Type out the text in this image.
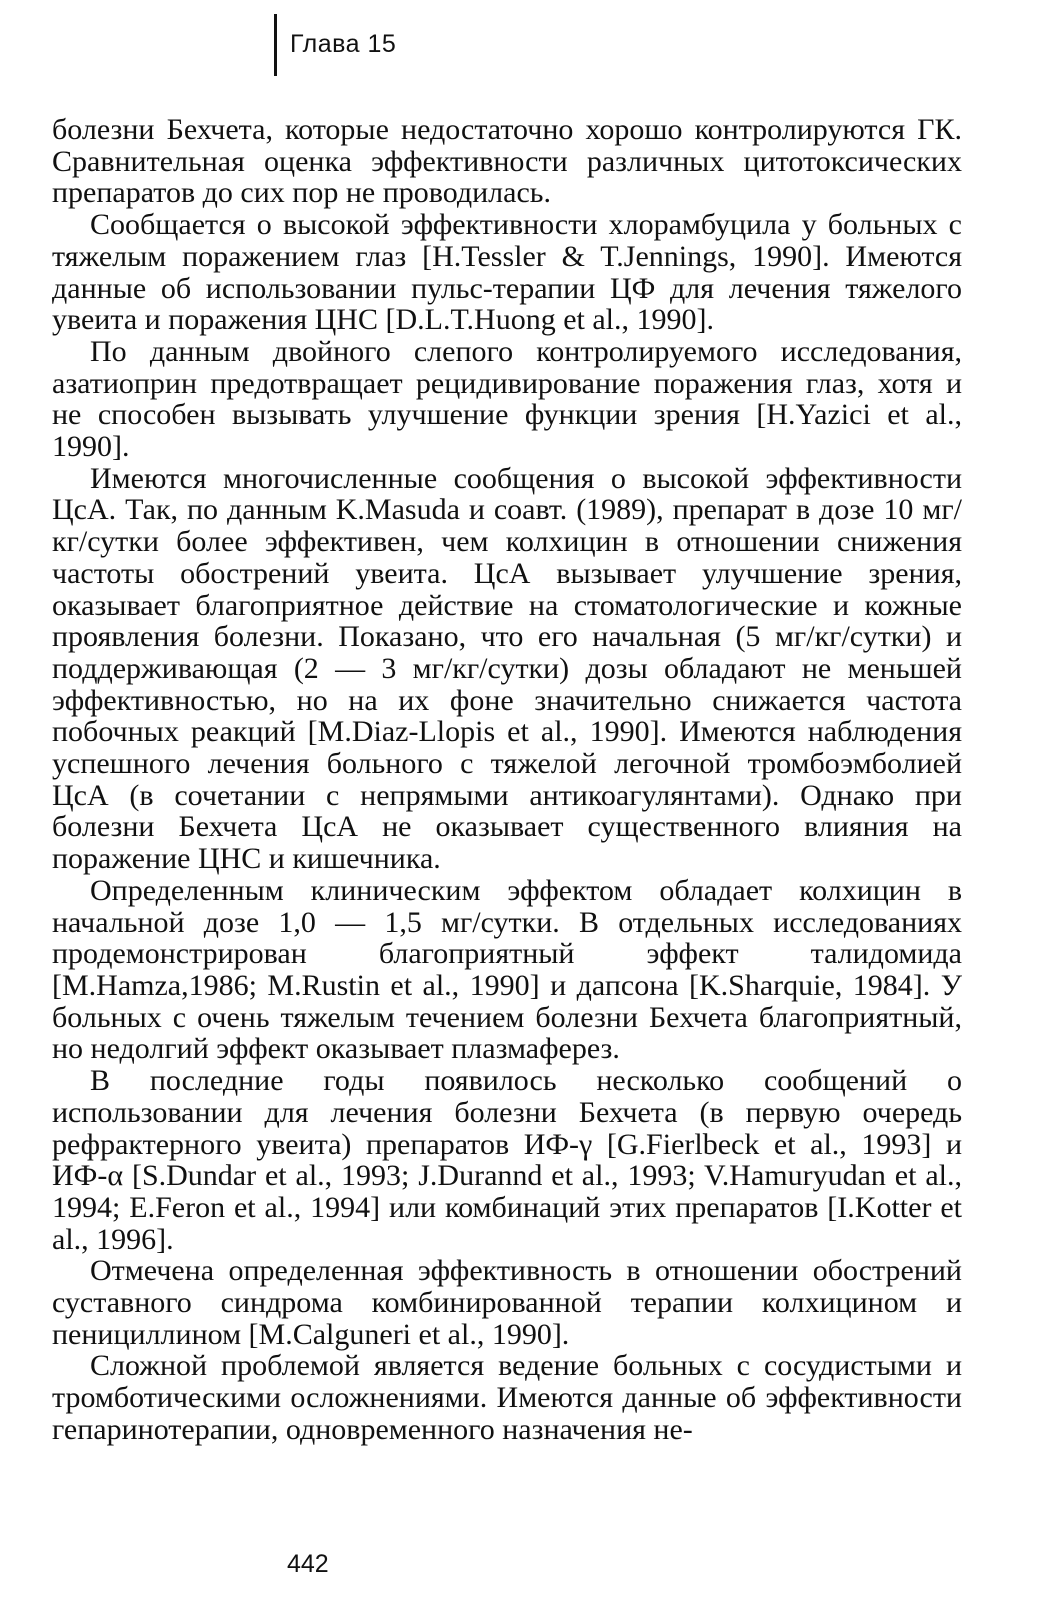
Глава 15

болезни Бехчета, которые недостаточно хорошо контролируются ГК. Сравнительная оценка эффективности различных цитотоксических препаратов до сих пор не проводилась.

Сообщается о высокой эффективности хлорамбуцила у больных с тяжелым поражением глаз [H.Tessler & T.Jennings, 1990]. Имеются данные об использовании пульс-терапии ЦФ для лечения тяжелого увеита и поражения ЦНС [D.L.T.Huong et al., 1990].

По данным двойного слепого контролируемого исследования, азатиоприн предотвращает рецидивирование поражения глаз, хотя и не способен вызывать улучшение функции зрения [H.Yazici et al., 1990].

Имеются многочисленные сообщения о высокой эффективности ЦсА. Так, по данным K.Masuda и соавт. (1989), препарат в дозе 10 мг/кг/сутки более эффективен, чем колхицин в отношении снижения частоты обострений увеита. ЦсА вызывает улучшение зрения, оказывает благоприятное действие на стоматологические и кожные проявления болезни. Показано, что его начальная (5 мг/кг/сутки) и поддерживающая (2 — 3 мг/кг/сутки) дозы обладают не меньшей эффективностью, но на их фоне значительно снижается частота побочных реакций [M.Diaz-Llopis et al., 1990]. Имеются наблюдения успешного лечения больного с тяжелой легочной тромбоэмболией ЦсА (в сочетании с непрямыми антикоагулянтами). Однако при болезни Бехчета ЦсА не оказывает существенного влияния на поражение ЦНС и кишечника.

Определенным клиническим эффектом обладает колхицин в начальной дозе 1,0 — 1,5 мг/сутки. В отдельных исследованиях продемонстрирован благоприятный эффект талидомида [M.Hamza,1986; M.Rustin et al., 1990] и дапсона [K.Sharquie, 1984]. У больных с очень тяжелым течением болезни Бехчета благоприятный, но недолгий эффект оказывает плазмаферез.

В последние годы появилось несколько сообщений о использовании для лечения болезни Бехчета (в первую очередь рефрактерного увеита) препаратов ИФ-γ [G.Fierlbeck et al., 1993] и ИФ-α [S.Dundar et al., 1993; J.Durannd et al., 1993; V.Hamuryudan et al., 1994; E.Feron et al., 1994] или комбинаций этих препаратов [I.Kotter et al., 1996].

Отмечена определенная эффективность в отношении обострений суставного синдрома комбинированной терапии колхицином и пенициллином [M.Calguneri et al., 1990].

Сложной проблемой является ведение больных с сосудистыми и тромботическими осложнениями. Имеются данные об эффективности гепаринотерапии, одновременного назначения не-

442
